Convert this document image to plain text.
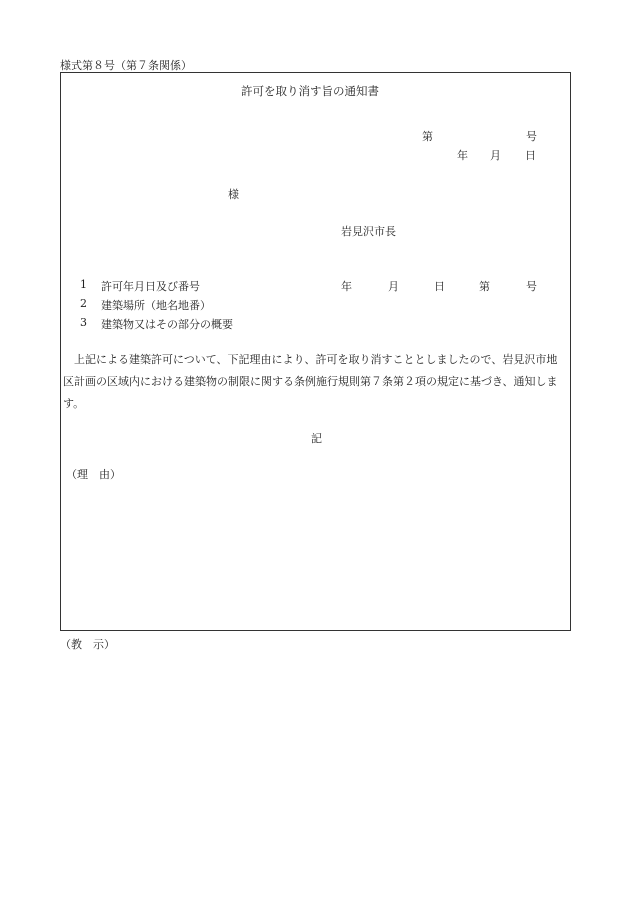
様式第８号（第７条関係）
許可を取り消す旨の通知書
第	号
年 月 日
様
岩見沢市長
1 許可年月日及び番号	年	月	日	第	号
2 建築場所（地名地番）
3 建築物又はその部分の概要
　上記による建築許可について、下記理由により、許可を取り消すこととしましたので、岩見沢市地区計画の区域内における建築物の制限に関する条例施行規則第７条第２項の規定に基づき、通知します。
記
（理　由）
（教　示）
